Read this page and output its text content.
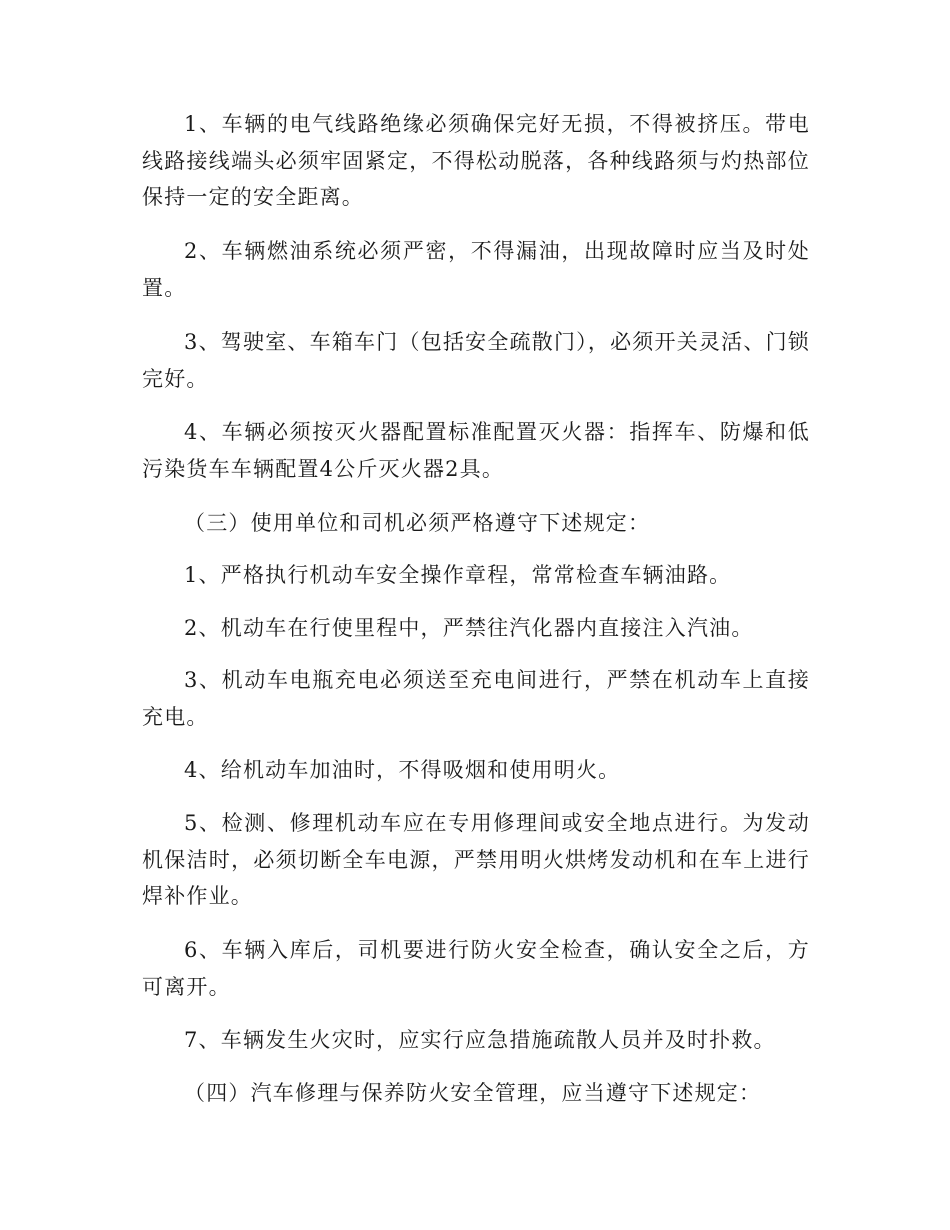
1、车辆的电气线路绝缘必须确保完好无损，不得被挤压。带电线路接线端头必须牢固紧定，不得松动脱落，各种线路须与灼热部位保持一定的安全距离。

2、车辆燃油系统必须严密，不得漏油，出现故障时应当及时处置。

3、驾驶室、车箱车门（包括安全疏散门），必须开关灵活、门锁完好。

4、车辆必须按灭火器配置标准配置灭火器：指挥车、防爆和低污染货车车辆配置4公斤灭火器2具。

（三）使用单位和司机必须严格遵守下述规定：

1、严格执行机动车安全操作章程，常常检查车辆油路。

2、机动车在行使里程中，严禁往汽化器内直接注入汽油。

3、机动车电瓶充电必须送至充电间进行，严禁在机动车上直接充电。

4、给机动车加油时，不得吸烟和使用明火。

5、检测、修理机动车应在专用修理间或安全地点进行。为发动机保洁时，必须切断全车电源，严禁用明火烘烤发动机和在车上进行焊补作业。

6、车辆入库后，司机要进行防火安全检查，确认安全之后，方可离开。

7、车辆发生火灾时，应实行应急措施疏散人员并及时扑救。

（四）汽车修理与保养防火安全管理，应当遵守下述规定：
